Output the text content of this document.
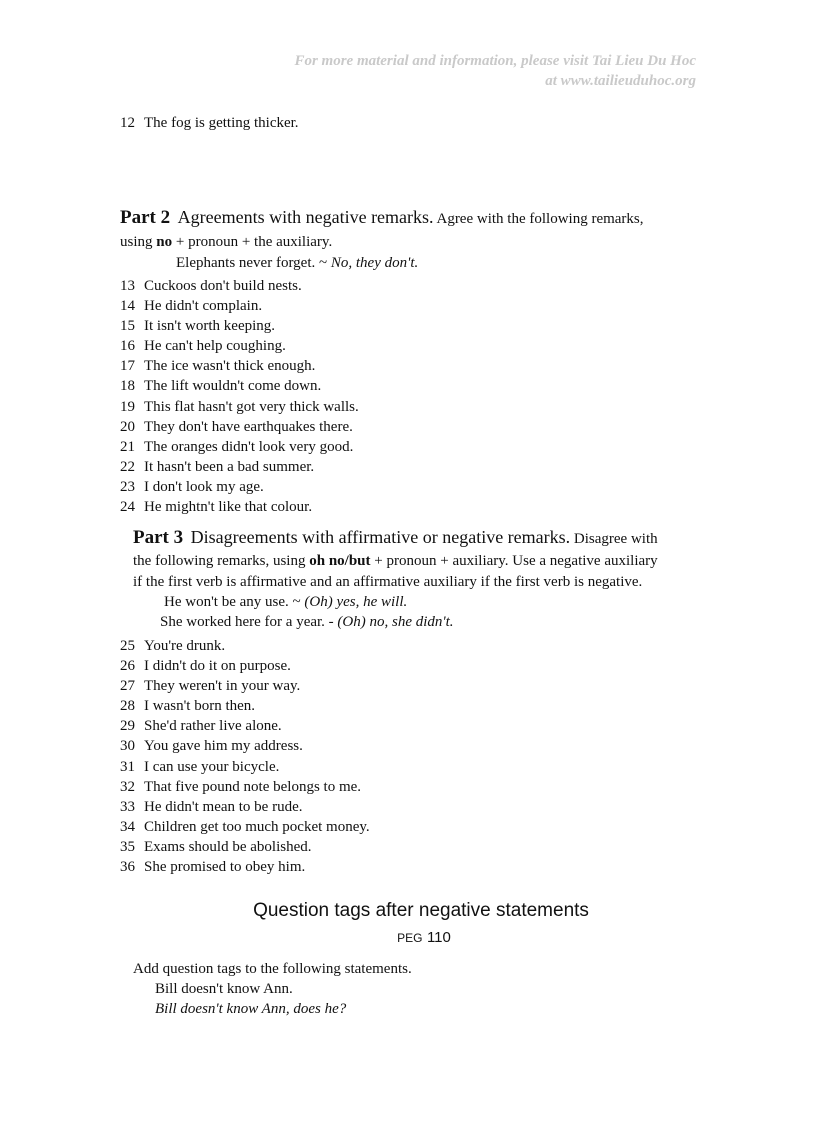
For more material and information, please visit Tai Lieu Du Hoc
at www.tailieuduhoc.org
12 The fog is getting thicker.
Part 2 Agreements with negative remarks. Agree with the following remarks,
using no + pronoun + the auxiliary.
Elephants never forget. ~ No, they don't.
13 Cuckoos don't build nests.
14 He didn't complain.
15 It isn't worth keeping.
16 He can't help coughing.
17 The ice wasn't thick enough.
18 The lift wouldn't come down.
19 This flat hasn't got very thick walls.
20 They don't have earthquakes there.
21 The oranges didn't look very good.
22 It hasn't been a bad summer.
23 I don't look my age.
24 He mightn't like that colour.
Part 3 Disagreements with affirmative or negative remarks. Disagree with
the following remarks, using oh no/but + pronoun + auxiliary. Use a negative auxiliary
if the first verb is affirmative and an affirmative auxiliary if the first verb is negative.
He won't be any use. ~ (Oh) yes, he will.
She worked here for a year. - (Oh) no, she didn't.
25 You're drunk.
26 I didn't do it on purpose.
27 They weren't in your way.
28 I wasn't born then.
29 She'd rather live alone.
30 You gave him my address.
31 I can use your bicycle.
32 That five pound note belongs to me.
33 He didn't mean to be rude.
34 Children get too much pocket money.
35 Exams should be abolished.
36 She promised to obey him.
Question tags after negative statements
PEG 110
Add question tags to the following statements.
Bill doesn't know Ann.
Bill doesn't know Ann, does he?
